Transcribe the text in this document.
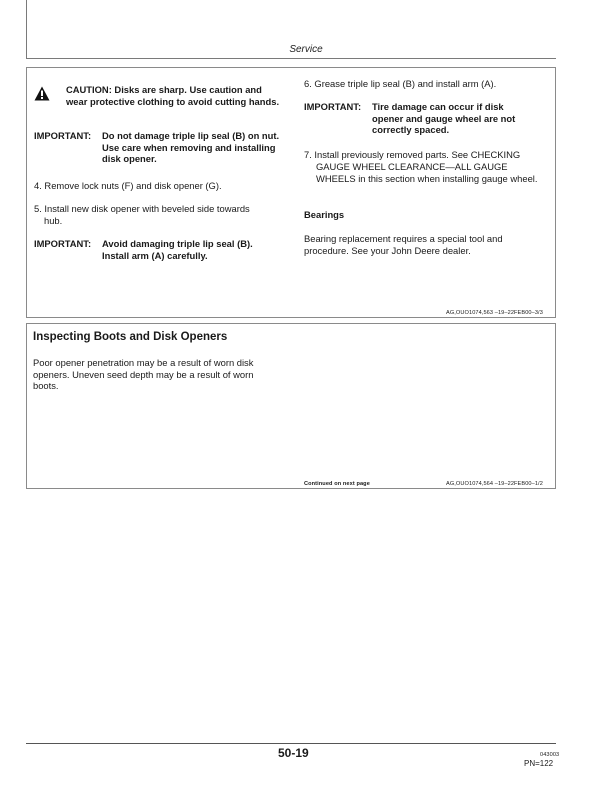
Service
CAUTION: Disks are sharp. Use caution and wear protective clothing to avoid cutting hands.
IMPORTANT:	Do not damage triple lip seal (B) on nut. Use care when removing and installing disk opener.
4. Remove lock nuts (F) and disk opener (G).
5. Install new disk opener with beveled side towards
hub.
IMPORTANT:	Avoid damaging triple lip seal (B). Install arm (A) carefully.
6. Grease triple lip seal (B) and install arm (A).
IMPORTANT:	Tire damage can occur if disk opener and gauge wheel are not correctly spaced.
7. Install previously removed parts. See CHECKING
GAUGE WHEEL CLEARANCE—ALL GAUGE WHEELS in this section when installing gauge wheel.
Bearings
Bearing replacement requires a special tool and procedure. See your John Deere dealer.
AG,OUO1074,563 –19–22FEB00–3/3
Inspecting Boots and Disk Openers
Poor opener penetration may be a result of worn disk openers. Uneven seed depth may be a result of worn boots.
Continued on next page	AG,OUO1074,564 –19–22FEB00–1/2
50-19	043003
PN=122
